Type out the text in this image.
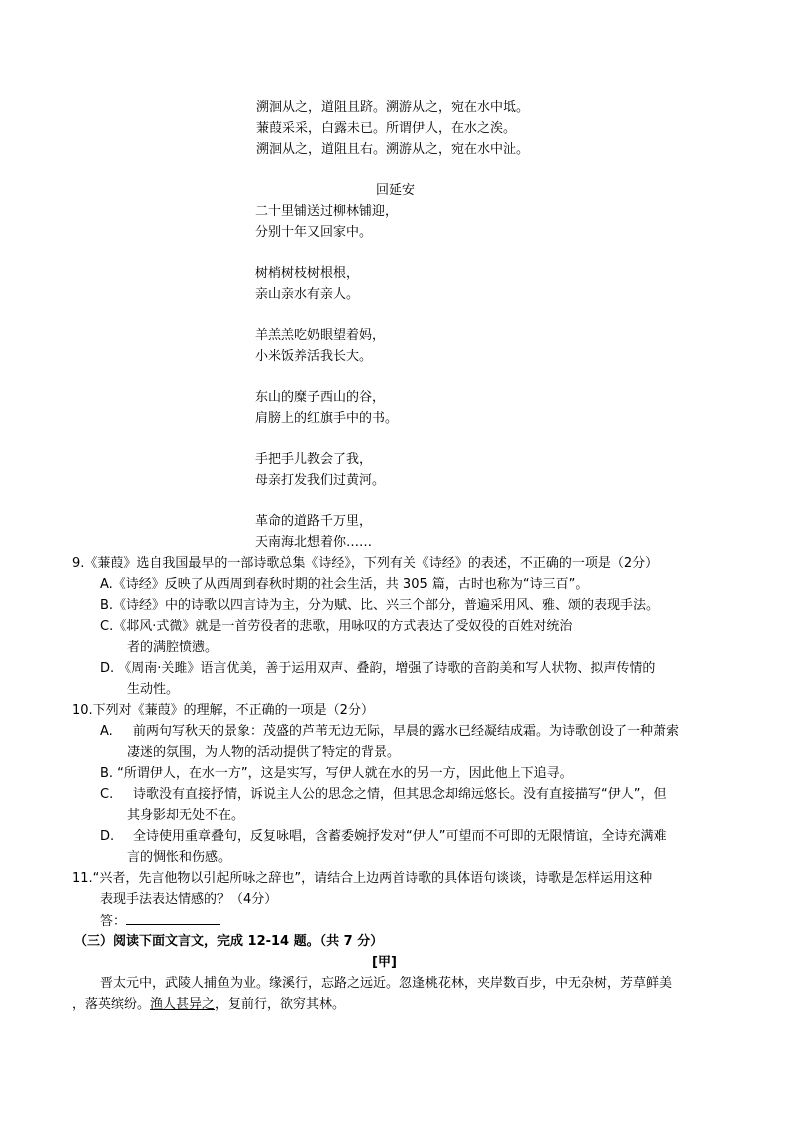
溯洄从之，道阻且跻。溯游从之，宛在水中坻。
蒹葭采采，白露未已。所谓伊人，在水之涘。
溯洄从之，道阻且右。溯游从之，宛在水中沚。
回延安
二十里铺送过柳林铺迎，
分别十年又回家中。
树梢树枝树根根，
亲山亲水有亲人。
羊羔羔吃奶眼望着妈，
小米饭养活我长大。
东山的糜子西山的谷，
肩膀上的红旗手中的书。
手把手儿教会了我，
母亲打发我们过黄河。
革命的道路千万里，
天南海北想着你……
9.《蒹葭》选自我国最早的一部诗歌总集《诗经》，下列有关《诗经》的表述，不正确的一项是（2分）
A.《诗经》反映了从西周到春秋时期的社会生活，共 305 篇，古时也称为“诗三百”。
B.《诗经》中的诗歌以四言诗为主，分为赋、比、兴三个部分，普遍采用风、雅、颂的表现手法。
C.《邶风·式微》就是一首劳役者的悲歌，用咏叹的方式表达了受奴役的百姓对统治
者的满腔愤懑。
D. 《周南·关雎》语言优美，善于运用双声、叠韵，增强了诗歌的音韵美和写人状物、拟声传情的
生动性。
10.下列对《蒹葭》的理解，不正确的一项是（2分）
A. 前两句写秋天的景象：茂盛的芦苇无边无际，早晨的露水已经凝结成霜。为诗歌创设了一种萧索
凄迷的氛围，为人物的活动提供了特定的背景。
B. “所谓伊人，在水一方”，这是实写，写伊人就在水的另一方，因此他上下追寻。
C. 诗歌没有直接抒情，诉说主人公的思念之情，但其思念却绵远悠长。没有直接描写“伊人”，但
其身影却无处不在。
D. 全诗使用重章叠句，反复咏唱，含蓄委婉抒发对“伊人”可望而不可即的无限情谊，全诗充满难
言的惆怅和伤感。
11.“兴者，先言他物以引起所咏之辞也”，请结合上边两首诗歌的具体语句谈谈，诗歌是怎样运用这种
表现手法表达情感的？（4分）
答：
（三）阅读下面文言文，完成 12-14 题。（共 7 分）
[甲]
晋太元中，武陵人捕鱼为业。缘溪行，忘路之远近。忽逢桃花林，夹岸数百步，中无杂树，芳草鲜美
，落英缤纷。渔人甚异之，复前行，欲穷其林。
